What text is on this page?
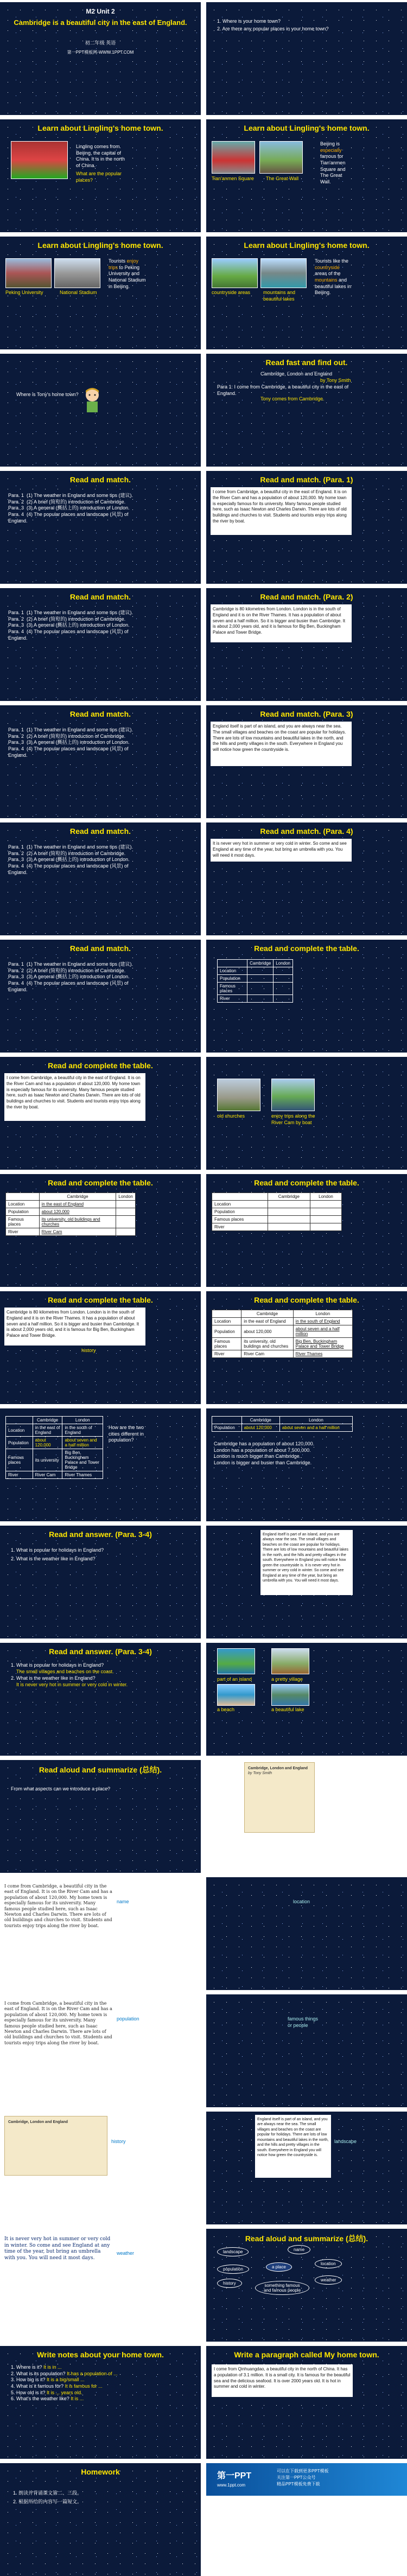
M2 Unit 2
Cambridge is a beautiful city in the east of England.
初二年级 英语
第一PPT模板网-WWW.1PPT.COM
1. Where is your home town?
2. Are there any popular places in your home town?
Learn about Lingling's home town.
Lingling comes from Beijing, the capital of China. It is in the north of China.
What are the popular places?
Learn about Lingling's home town.
Tian'anmen Square The Great Wall
Beijing is especially famous for Tian'anmen Square and The Great Wall.
Learn about Lingling's home town.
Peking University	National Stadium
Tourists enjoy trips to Peking University and National Stadium in Beijing.
Learn about Lingling's home town.
countryside areas	mountains and beautiful lakes
Tourists like the countryside areas of the mountains and beautiful lakes in Beijing.
Where is Tony's home town?
Read fast and find out.
Cambridge, London and England
by Tony Smith
Para 1: I come from Cambridge, a beautiful city in the east of England.
Tony comes from Cambridge.
Read and match.
Para. 1 (1) The weather in England and some tips (建议).
Para. 2 (2) A brief (简短的) introduction of Cambridge.
Para. 3 (3) A general (概括上的) introduction of London.
Para. 4 (4) The popular places and landscape (风景) of England.
Read and match. (Para. 1)
I come from Cambridge, a beautiful city in the east of England. It is on the River Cam and has a population of about 120,000. My home town is especially famous for its university. Many famous people studied here, such as Isaac Newton and Charles Darwin. There are lots of old buildings and churches to visit. Students and tourists enjoy trips along the river by boat.
Read and match.
Para. 1 (1) The weather in England and some tips (建议).
Para. 2 (2) A brief (简短的) introduction of Cambridge.
Para. 3 (3) A general (概括上的) introduction of London.
Para. 4 (4) The popular places and landscape (风景) of England.
Read and match. (Para. 2)
Cambridge is 80 kilometres from London. London is in the south of England and it is on the River Thames. It has a population of about seven and a half million. So it is bigger and busier than Cambridge. It is about 2,000 years old, and it is famous for Big Ben, Buckingham Palace and Tower Bridge.
Read and match.
Para. 1 (1) The weather in England and some tips (建议).
Para. 2 (2) A brief (简短的) introduction of Cambridge.
Para. 3 (3) A general (概括上的) introduction of London.
Para. 4 (4) The popular places and landscape (风景) of England.
Read and match. (Para. 3)
England itself is part of an island, and you are always near the sea. The small villages and beaches on the coast are popular for holidays. There are lots of low mountains and beautiful lakes in the north, and the hills and pretty villages in the south. Everywhere in England you will notice how green the countryside is.
Read and match.
Para. 1 (1) The weather in England and some tips (建议).
Para. 2 (2) A brief (简短的) introduction of Cambridge.
Para. 3 (3) A general (概括上的) introduction of London.
Para. 4 (4) The popular places and landscape (风景) of England.
Read and match. (Para. 4)
It is never very hot in summer or very cold in winter. So come and see England at any time of the year, but bring an umbrella with you. You will need it most days.
Read and match.
Para. 1 (1) The weather in England and some tips (建议).
Para. 2 (2) A brief (简短的) introduction of Cambridge.
Para. 3 (3) A general (概括上的) introduction of London.
Para. 4 (4) The popular places and landscape (风景) of England.
Read and complete the table.
	Cambridge	London
Location		
Population		
Famous places		
River		
Read and complete the table.
I come from Cambridge, a beautiful city in the east of England. It is on the River Cam and has a population of about 120,000. My home town is especially famous for its university. Many famous people studied here, such as Isaac Newton and Charles Darwin. There are lots of old buildings and churches to visit. Students and tourists enjoy trips along the river by boat.
old churches	enjoy trips along the River Cam by boat
Read and complete the table.
	Cambridge	London
Location	in the east of England	
Population	about 120,000	
Famous places	its university, old buildings and churches	
River	River Cam	
Read and complete the table.
	Cambridge	London
Location		
Population		
Famous places		
River		
Read and complete the table.
Cambridge is 80 kilometres from London. London is in the south of England and it is on the River Thames. It has a population of about seven and a half million. So it is bigger and busier than Cambridge. It is about 2,000 years old, and it is famous for Big Ben, Buckingham Palace and Tower Bridge.
history
Read and complete the table.
	Cambridge	London
Location	in the east of England	in the south of England
Population	about 120,000	about seven and a half million
Famous places	its university, old buildings and churches	Big Ben, Buckingham Palace and Tower Bridge
River	River Cam	River Thames
	Cambridge	London
Location	in the east of England	in the south of England
Population	about 120,000	about seven and a half million
Famous places	its university	Big Ben, Buckingham Palace and Tower Bridge
River	River Cam	River Thames
How are the two cities different in population?
	Cambridge	London
Population	about 120,000	about seven and a half million
Cambridge has a population of about 120,000.
London has a population of about 7,500,000.
London is much bigger than Cambridge.
London is bigger and busier than Cambridge.
Read and answer. (Para. 3-4)
1. What is popular for holidays in England?
2. What is the weather like in England?
England itself is part of an island, and you are always near the sea. The small villages and beaches on the coast are popular for holidays. There are lots of low mountains and beautiful lakes in the north, and the hills and pretty villages in the south. Everywhere in England you will notice how green the countryside is. It is never very hot in summer or very cold in winter. So come and see England at any time of the year, but bring an umbrella with you. You will need it most days.
Read and answer. (Para. 3-4)
1. What is popular for holidays in England?
The small villages and beaches on the coast.
2. What is the weather like in England?
It is never very hot in summer or very cold in winter.
part of an island	a pretty village
a beach	a beautiful lake
Read aloud and summarize (总结).
From what aspects can we introduce a place?
Cambridge, London and England
by Tony Smith
I come from Cambridge, a beautiful city in the east of England. It is on the River Cam and has a population of about 120,000. My home town is especially famous for its university. Many famous people studied here, such as Isaac Newton and Charles Darwin. There are lots of old buildings and churches to visit. Students and tourists enjoy trips along the river by boat.
name	location
I come from Cambridge, a beautiful city in the east of England. It is on the River Cam and has a population of about 120,000. My home town is especially famous for its university. Many famous people studied here, such as Isaac Newton and Charles Darwin. There are lots of old buildings and churches to visit. Students and tourists enjoy trips along the river by boat.
population	famous things or people
Cambridge, London and England
history
England itself is part of an island, and you are always near the sea. The small villages and beaches on the coast are popular for holidays. There are lots of low mountains and beautiful lakes in the north, and the hills and pretty villages in the south. Everywhere in England you will notice how green the countryside is.
landscape
It is never very hot in summer or very cold in winter. So come and see England at any time of the year, but bring an umbrella with you. You will need it most days.
weather
Read aloud and summarize (总结).
a place
landscape	name
location
population
history
weather
something famous and famous people
Write notes about your home town.
1. Where is it? It is in ...
2. What is its population? It has a population of ...
3. How big is it? It is a big/small ...
4. What is it famous for? It is famous for ...
5. How old is it? It is ... years old.
6. What's the weather like? It is ...
Write a paragraph called My home town.
I come from Qinhuangdao, a beautiful city in the north of China. It has a population of 3.1 million. It is a small city. It is famous for the beautiful sea and the delicious seafood. It is over 2000 years old. It is hot in summer and cold in winter.
Homework
1. 朗读并背诵课文第二、三段。
2. 根据所给的内容写一篇短文。
第一PPT
www.1ppt.com
可以在下载到更多PPT模板
关注第一PPT公众号
精品PPT模板免费下载
